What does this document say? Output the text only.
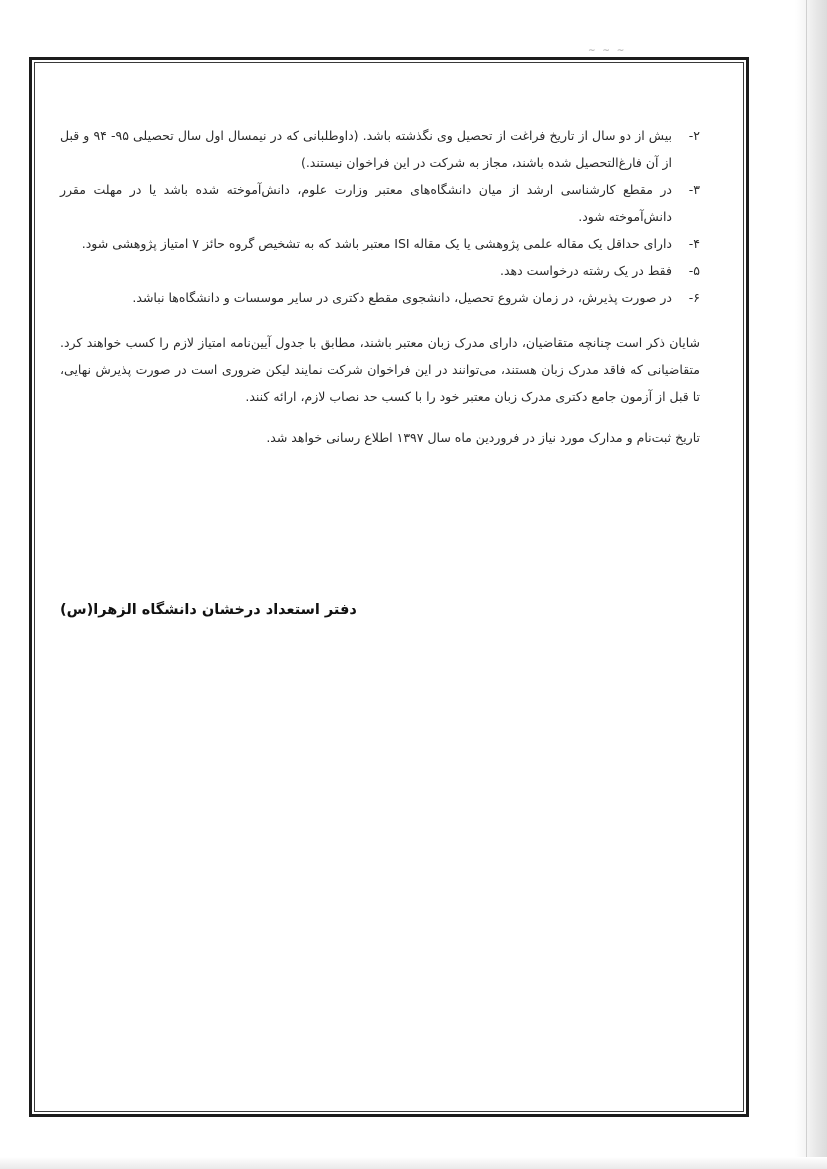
~ ~ ~

۲-
بیش از دو سال از تاریخ فراغت از تحصیل وی نگذشته باشد. (داوطلبانی که در نیمسال اول سال تحصیلی ۹۵- ۹۴ و قبل از آن فارغ‌التحصیل شده باشند، مجاز به شرکت در این فراخوان نیستند.)

۳-
در مقطع کارشناسی ارشد از میان دانشگاه‌های معتبر وزارت علوم، دانش‌آموخته شده باشد یا در مهلت مقرر دانش‌آموخته شود.

۴-
دارای حداقل یک مقاله علمی پژوهشی یا یک مقاله ISI معتبر باشد که به تشخیص گروه حائز ۷ امتیاز پژوهشی شود.

۵-
فقط در یک رشته درخواست دهد.

۶-
در صورت پذیرش، در زمان شروع تحصیل، دانشجوی مقطع دکتری در سایر موسسات و دانشگاه‌ها نباشد.

شایان ذکر است چنانچه متقاضیان، دارای مدرک زبان معتبر باشند، مطابق با جدول آیین‌نامه امتیاز لازم را کسب خواهند کرد. متقاضیانی که فاقد مدرک زبان هستند، می‌توانند در این فراخوان شرکت نمایند لیکن ضروری است در صورت پذیرش نهایی، تا قبل از آزمون جامع دکتری مدرک زبان معتبر خود را با کسب حد نصاب لازم، ارائه کنند.

تاریخ ثبت‌نام و مدارک مورد نیاز در فروردین ماه سال ۱۳۹۷ اطلاع رسانی خواهد شد.

دفتر استعداد درخشان دانشگاه الزهرا(س)
